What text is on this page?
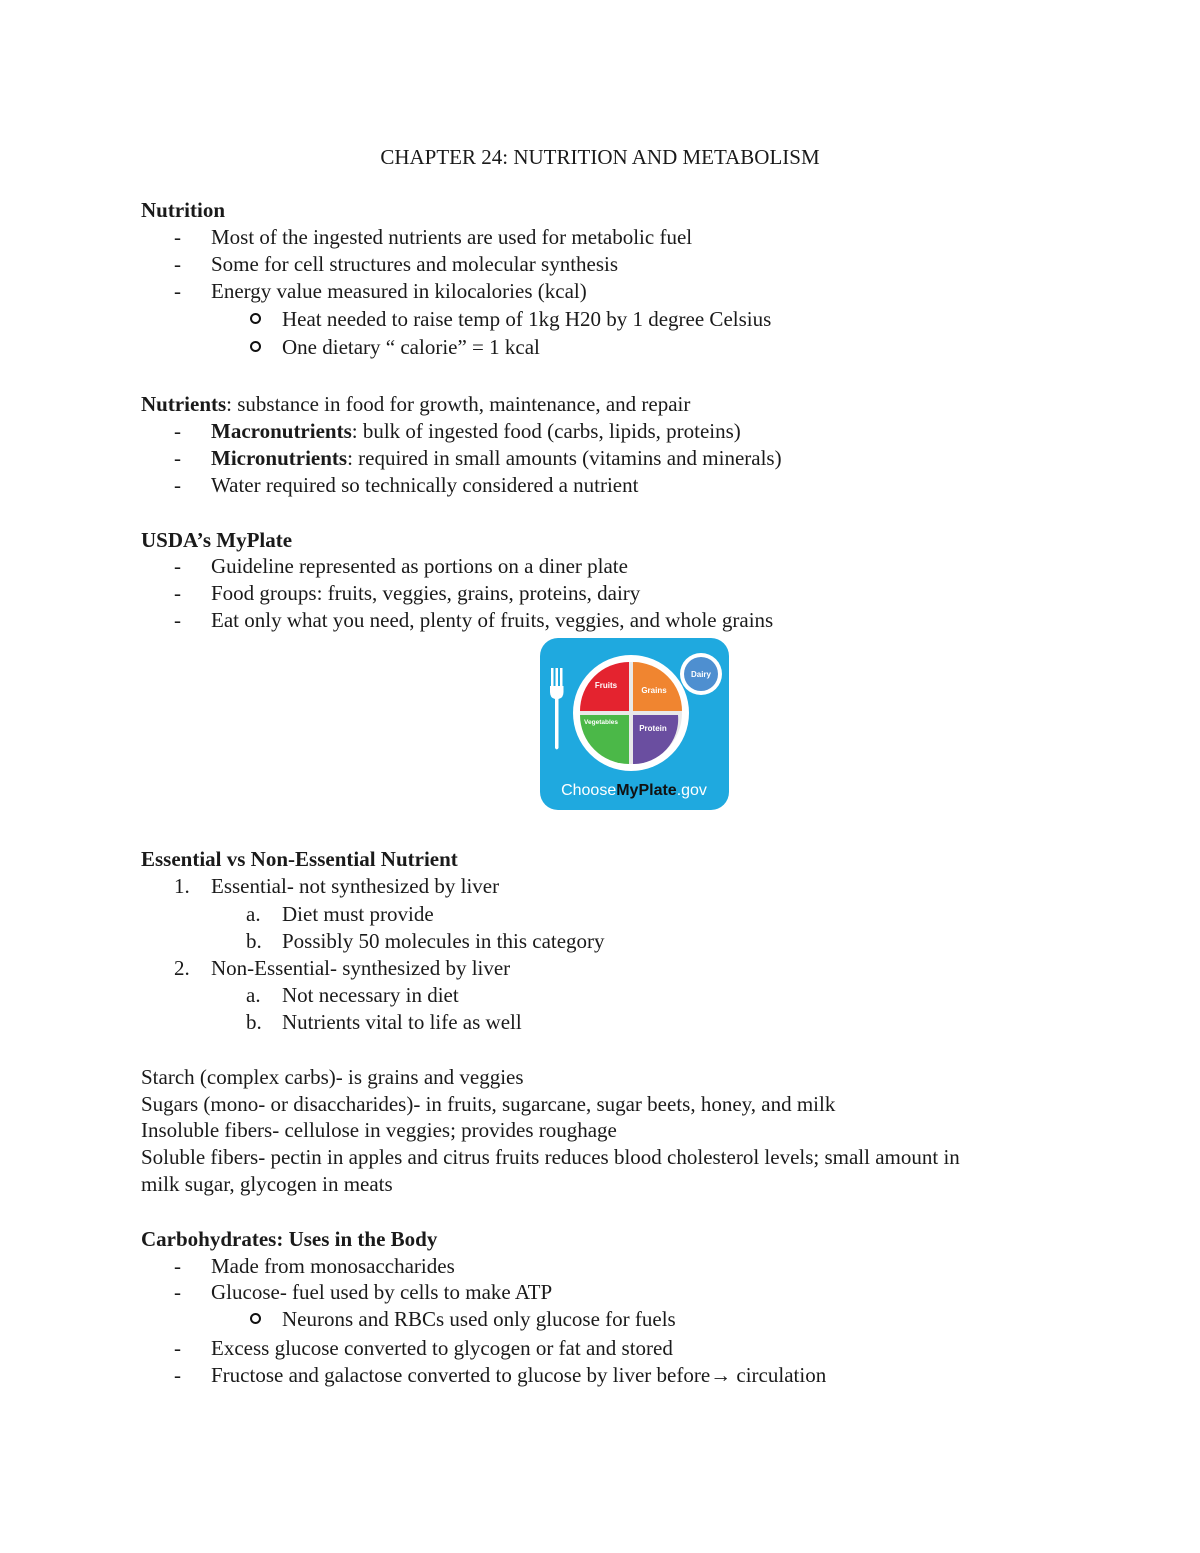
CHAPTER 24: NUTRITION AND METABOLISM
Nutrition
- Most of the ingested nutrients are used for metabolic fuel
- Some for cell structures and molecular synthesis
- Energy value measured in kilocalories (kcal)
Heat needed to raise temp of 1kg H20 by 1 degree Celsius
One dietary “ calorie” = 1 kcal
Nutrients: substance in food for growth, maintenance, and repair
- Macronutrients: bulk of ingested food (carbs, lipids, proteins)
- Micronutrients: required in small amounts (vitamins and minerals)
- Water required so technically considered a nutrient
USDA’s MyPlate
- Guideline represented as portions on a diner plate
- Food groups: fruits, veggies, grains, proteins, dairy
- Eat only what you need, plenty of fruits, veggies, and whole grains
Fruits
Grains
Vegetables
Protein
Dairy
ChooseMyPlate.gov
Essential vs Non-Essential Nutrient
1. Essential- not synthesized by liver
a. Diet must provide
b. Possibly 50 molecules in this category
2. Non-Essential- synthesized by liver
a. Not necessary in diet
b. Nutrients vital to life as well
Starch (complex carbs)- is grains and veggies
Sugars (mono- or disaccharides)- in fruits, sugarcane, sugar beets, honey, and milk
Insoluble fibers- cellulose in veggies; provides roughage
Soluble fibers- pectin in apples and citrus fruits reduces blood cholesterol levels; small amount in
milk sugar, glycogen in meats
Carbohydrates: Uses in the Body
- Made from monosaccharides
- Glucose- fuel used by cells to make ATP
Neurons and RBCs used only glucose for fuels
- Excess glucose converted to glycogen or fat and stored
- Fructose and galactose converted to glucose by liver before→ circulation
